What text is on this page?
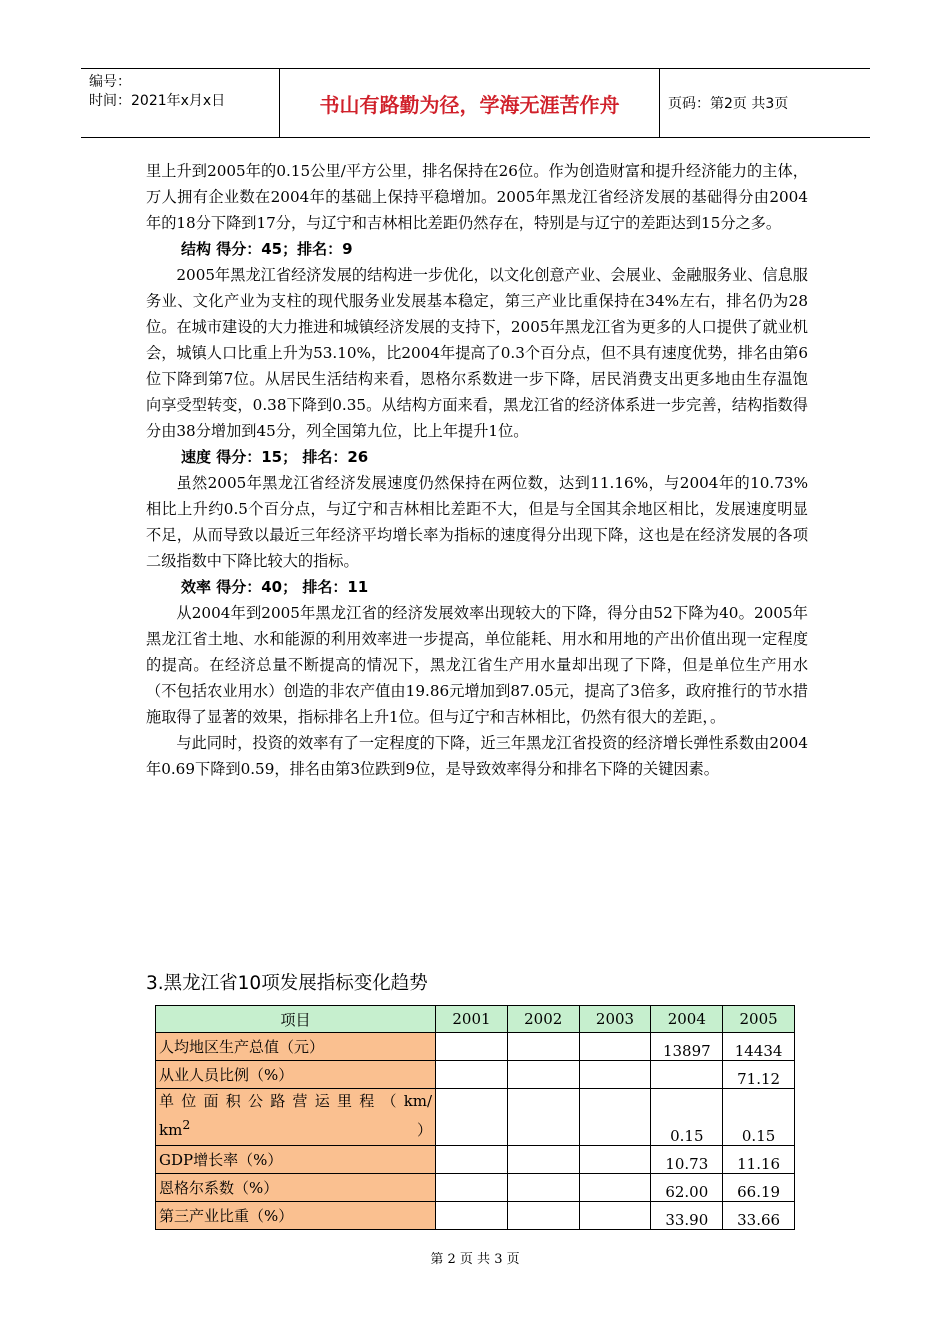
编号：
时间：2021年x月x日	书山有路勤为径，学海无涯苦作舟	页码：第2页 共3页

里上升到2005年的0.15公里/平方公里，排名保持在26位。作为创造财富和提升经济能力的主体，万人拥有企业数在2004年的基础上保持平稳增加。2005年黑龙江省经济发展的基础得分由2004年的18分下降到17分，与辽宁和吉林相比差距仍然存在，特别是与辽宁的差距达到15分之多。

结构 得分：45；排名：9

2005年黑龙江省经济发展的结构进一步优化，以文化创意产业、会展业、金融服务业、信息服务业、文化产业为支柱的现代服务业发展基本稳定，第三产业比重保持在34%左右，排名仍为28位。在城市建设的大力推进和城镇经济发展的支持下，2005年黑龙江省为更多的人口提供了就业机会，城镇人口比重上升为53.10%，比2004年提高了0.3个百分点，但不具有速度优势，排名由第6位下降到第7位。从居民生活结构来看，恩格尔系数进一步下降，居民消费支出更多地由生存温饱向享受型转变，0.38下降到0.35。从结构方面来看，黑龙江省的经济体系进一步完善，结构指数得分由38分增加到45分，列全国第九位，比上年提升1位。

速度 得分：15； 排名：26

虽然2005年黑龙江省经济发展速度仍然保持在两位数，达到11.16%，与2004年的10.73%相比上升约0.5个百分点，与辽宁和吉林相比差距不大，但是与全国其余地区相比，发展速度明显不足，从而导致以最近三年经济平均增长率为指标的速度得分出现下降，这也是在经济发展的各项二级指数中下降比较大的指标。

效率 得分：40； 排名：11

从2004年到2005年黑龙江省的经济发展效率出现较大的下降，得分由52下降为40。2005年黑龙江省土地、水和能源的利用效率进一步提高，单位能耗、用水和用地的产出价值出现一定程度的提高。在经济总量不断提高的情况下，黑龙江省生产用水量却出现了下降，但是单位生产用水（不包括农业用水）创造的非农产值由19.86元增加到87.05元，提高了3倍多，政府推行的节水措施取得了显著的效果，指标排名上升1位。但与辽宁和吉林相比，仍然有很大的差距，。

与此同时，投资的效率有了一定程度的下降，近三年黑龙江省投资的经济增长弹性系数由2004年0.69下降到0.59，排名由第3位跌到9位，是导致效率得分和排名下降的关键因素。

3.黑龙江省10项发展指标变化趋势
项目	2001	2002	2003	2004	2005
人均地区生产总值（元）				13897	14434
从业人员比例（%）					71.12
单位面积公路营运里程（km/
$km^2$）				0.15	0.15
GDP增长率（%）				10.73	11.16
恩格尔系数（%）				62.00	66.19
第三产业比重（%）				33.90	33.66
第 2 页 共 3 页
